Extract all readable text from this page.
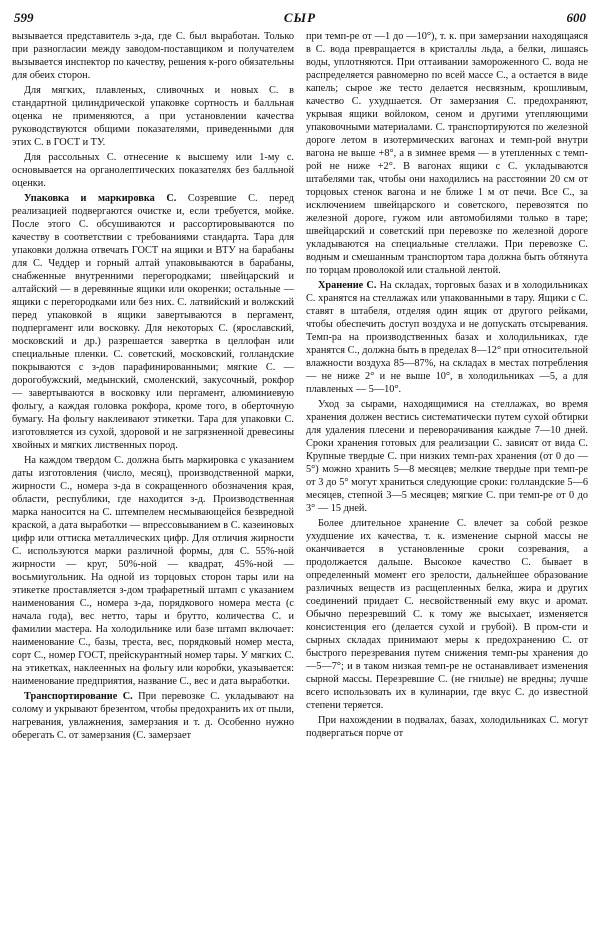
599	СЫР	600

вызывается представитель з-да, где С. был выработан. Только при разногласии между заводом-поставщиком и получателем вызывается инспектор по качеству, решения к-рого обязательны для обеих сторон.

Для мягких, плавленых, сливочных и новых С. в стандартной цилиндрической упаковке сортность и балльная оценка не применяются, а при установлении качества руководствуются общими показателями, приведенными для этих С. в ГОСТ и ТУ.

Для рассольных С. отнесение к высшему или 1-му с. основывается на органолептических показателях без балльной оценки.

Упаковка и маркировка С. Созревшие С. перед реализацией подвергаются очистке и, если требуется, мойке. После этого С. обсушиваются и рассортировываются по качеству в соответствии с требованиями стандарта. Тара для упаковки должна отвечать ГОСТ на ящики и ВТУ на барабаны для С. Чеддер и горный алтай упаковываются в барабаны, снабженные внутренними перегородками; швейцарский и алтайский — в деревянные ящики или окоренки; остальные — ящики с перегородками или без них. С. латвийский и волжский перед упаковкой в ящики завертываются в пергамент, подпергамент или восковку. Для некоторых С. (ярославский, московский и др.) разрешается завертка в целлофан или специальные пленки. С. советский, московский, голландские покрываются с з-дов парафинированными; мягкие С. — дорогобужский, медынский, смоленский, закусочный, рокфор — завертываются в восковку или пергамент, алюминиевую фольгу, а каждая головка рокфора, кроме того, в оберточную бумагу. На фольгу наклеивают этикетки. Тара для упаковки С. изготовляется из сухой, здоровой и не загрязненной древесины хвойных и мягких лиственных пород.

На каждом твердом С. должна быть маркировка с указанием даты изготовления (число, месяц), производственной марки, жирности С., номера з-да в сокращенного обозначения края, области, республики, где находится з-д. Производственная марка наносится на С. штемпелем несмывающейся безвредной краской, а дата выработки — впрессовыванием в С. казеиновых цифр или оттиска металлических цифр. Для отличия жирности С. используются марки различной формы, для С. 55%-ной жирности — круг, 50%-ной — квадрат, 45%-ной — восьмиугольник. На одной из торцовых сторон тары или на этикетке проставляется з-дом трафаретный штамп с указанием наименования С., номера з-да, порядкового номера места (с начала года), вес нетто, тары и брутто, количества С. и фамилии мастера. На холодильнике или базе штамп включает: наименование С., базы, треста, вес, порядковый номер места, сорт С., номер ГОСТ, прейскурантный номер тары. У мягких С. на этикетках, наклеенных на фольгу или коробки, указывается: наименование предприятия, название С., вес и дата выработки.

Транспортирование С. При перевозке С. укладывают на солому и укрывают брезентом, чтобы предохранить их от пыли, нагревания, увлажнения, замерзания и т. д. Особенно нужно оберегать С. от замерзания (С. замерзает

при темп-ре от —1 до —10°), т. к. при замерзании находящаяся в С. вода превращается в кристаллы льда, а белки, лишаясь воды, уплотняются. При оттаивании замороженного С. вода не распределяется равномерно по всей массе С., а остается в виде капель; сырое же тесто делается несвязным, крошливым, качество С. ухудшается. От замерзания С. предохраняют, укрывая ящики войлоком, сеном и другими утепляющими упаковочными материалами. С. транспортируются по железной дороге летом в изотермических вагонах и темп-рой внутри вагона не выше +8°, а в зимнее время — в утепленных с темп-рой не ниже +2°. В вагонах ящики с С. укладываются штабелями так, чтобы они находились на расстоянии 20 см от торцовых стенок вагона и не ближе 1 м от печи. Все С., за исключением швейцарского и советского, перевозятся по железной дороге, гужом или автомобилями только в таре; швейцарский и советский при перевозке по железной дороге укладываются на специальные стеллажи. При перевозке С. водным и смешанным транспортом тара должна быть обтянута по торцам проволокой или стальной лентой.

Хранение С. На складах, торговых базах и в холодильниках С. хранятся на стеллажах или упакованными в тару. Ящики с С. ставят в штабеля, отделяя один ящик от другого рейками, чтобы обеспечить доступ воздуха и не допускать отсыревания. Темп-ра на производственных базах и холодильниках, где хранятся С., должна быть в пределах 8—12° при относительной влажности воздуха 85—87%, на складах в местах потребления — не ниже 2° и не выше 10°, в холодильниках —5, а для плавленых — 5—10°.

Уход за сырами, находящимися на стеллажах, во время хранения должен вестись систематически путем сухой обтирки для удаления плесени и переворачивания каждые 7—10 дней. Сроки хранения готовых для реализации С. зависят от вида С. Крупные твердые С. при низких темп-рах хранения (от 0 до —5°) можно хранить 5—8 месяцев; мелкие твердые при темп-ре от 3 до 5° могут храниться следующие сроки: голландские 5—6 месяцев, степной 3—5 месяцев; мягкие С. при темп-ре от 0 до 3° — 15 дней.

Более длительное хранение С. влечет за собой резкое ухудшение их качества, т. к. изменение сырной массы не оканчивается в установленные сроки созревания, а продолжается дальше. Высокое качество С. бывает в определенный момент его зрелости, дальнейшее образование различных веществ из расщепленных белка, жира и других соединений придает С. несвойственный ему вкус и аромат. Обычно перезревший С. к тому же высыхает, изменяется консистенция его (делается сухой и грубой). В пром-сти и сырных складах принимают меры к предохранению С. от быстрого перезревания путем снижения темп-ры хранения до —5—7°; и в таком низкая темп-ре не останавливает изменения сырной массы. Перезревшие С. (не гнилые) не вредны; лучше всего использовать их в кулинарии, где вкус С. до известной степени теряется.

При нахождении в подвалах, базах, холодильниках С. могут подвергаться порче от
